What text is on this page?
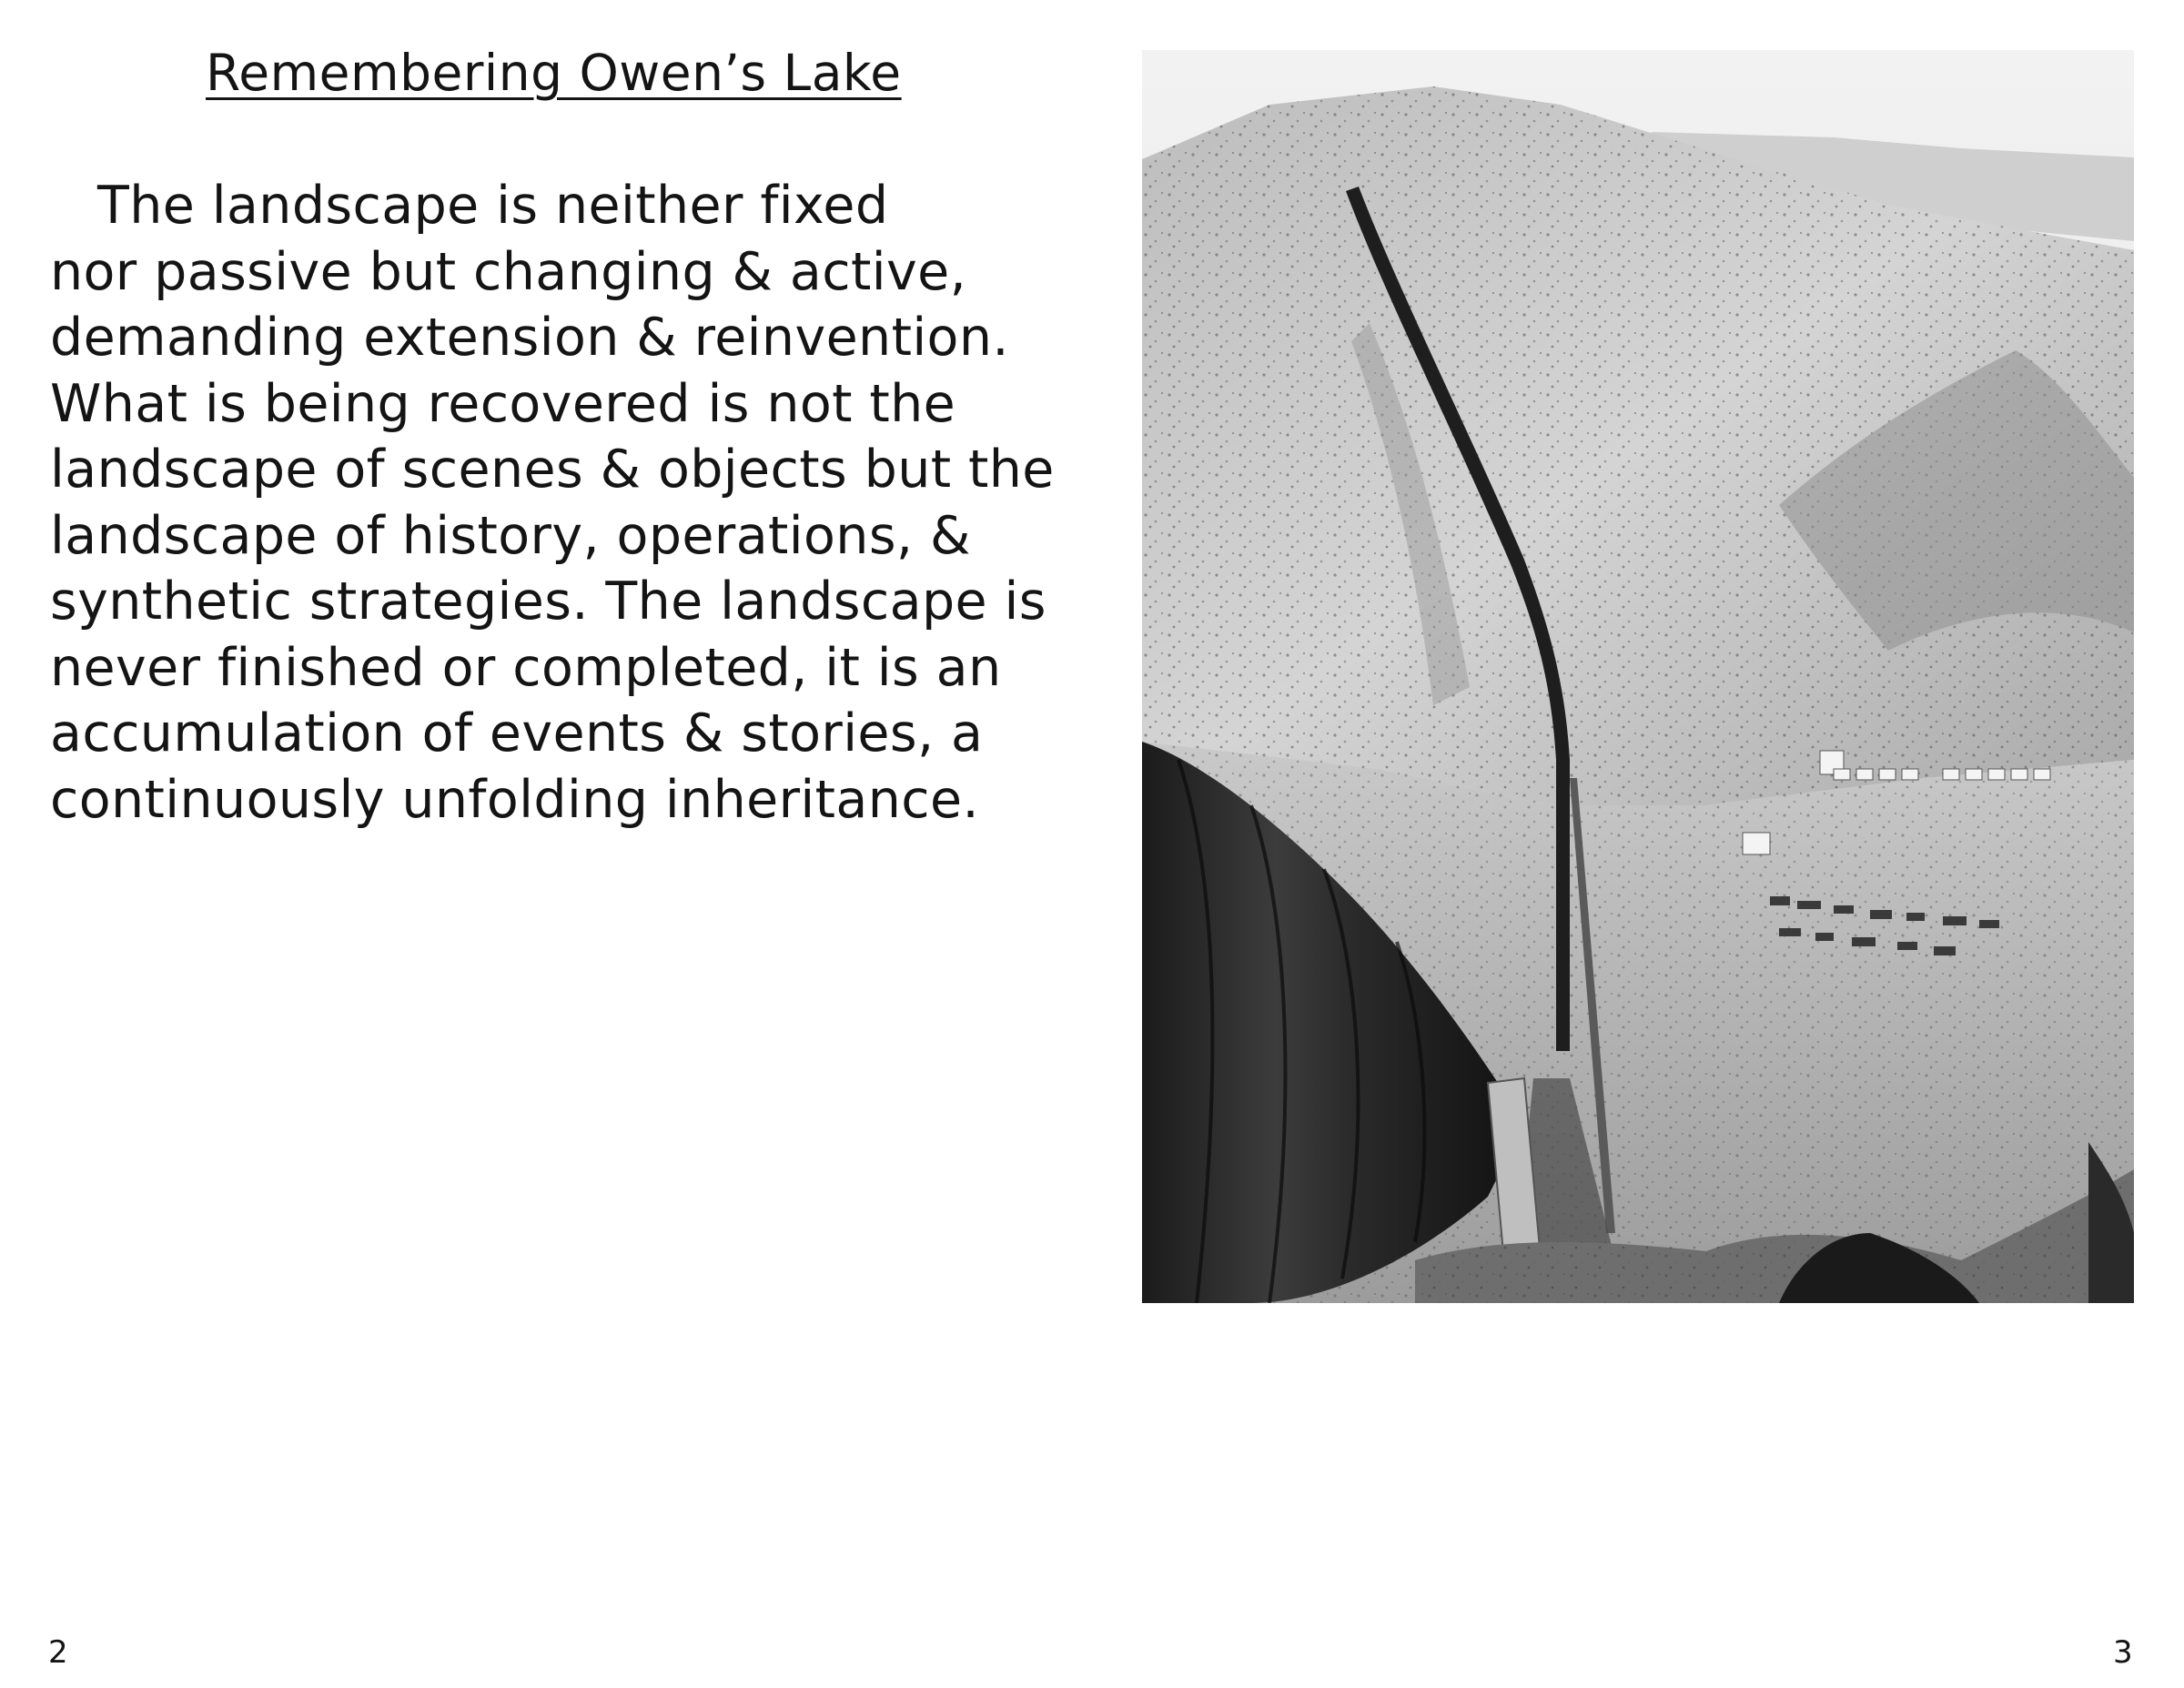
Remembering Owen’s Lake

The landscape is neither fixed
nor passive but changing & active,
demanding extension & reinvention.
What is being recovered is not the
landscape of scenes & objects but the
landscape of history, operations, &
synthetic strategies. The landscape is
never finished or completed, it is an
accumulation of events & stories, a
continuously unfolding inheritance.

2	3
